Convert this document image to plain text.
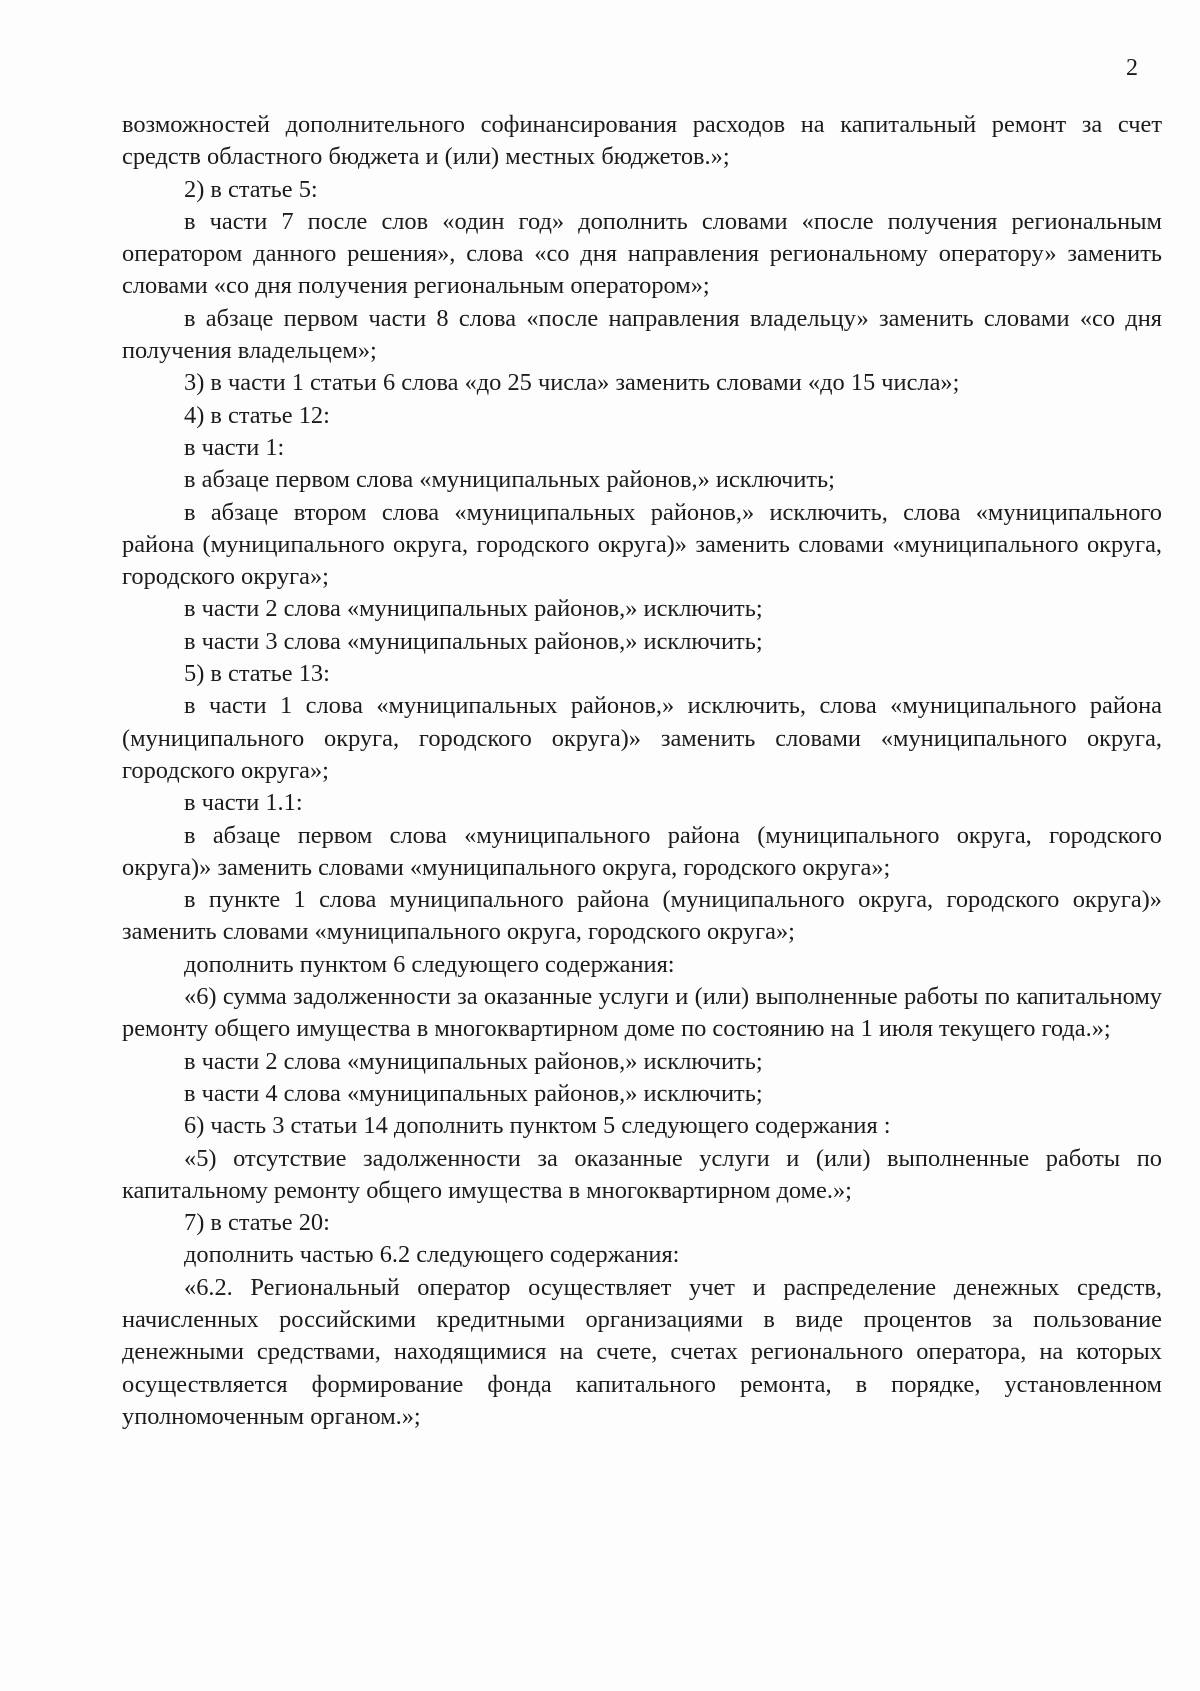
2

возможностей дополнительного софинансирования расходов на капитальный ремонт за счет средств областного бюджета и (или) местных бюджетов.»;

2) в статье 5:

в части 7 после слов «один год» дополнить словами «после получения региональным оператором данного решения», слова «со дня направления региональному оператору» заменить словами «со дня получения региональным оператором»;

в абзаце первом части 8 слова «после направления владельцу» заменить словами «со дня получения владельцем»;

3) в части 1 статьи 6 слова «до 25 числа» заменить словами «до 15 числа»;

4) в статье 12:

в части 1:

в абзаце первом слова «муниципальных районов,» исключить;

в абзаце втором слова «муниципальных районов,» исключить, слова «муниципального района (муниципального округа, городского округа)» заменить словами «муниципального округа, городского округа»;

в части 2 слова «муниципальных районов,» исключить;

в части 3 слова «муниципальных районов,» исключить;

5) в статье 13:

в части 1 слова «муниципальных районов,» исключить, слова «муниципального района (муниципального округа, городского округа)» заменить словами «муниципального округа, городского округа»;

в части 1.1:

в абзаце первом слова «муниципального района (муниципального округа, городского округа)» заменить словами «муниципального округа, городского округа»;

в пункте 1 слова муниципального района (муниципального округа, городского округа)» заменить словами «муниципального округа, городского округа»;

дополнить пунктом 6 следующего содержания:

«6) сумма задолженности за оказанные услуги и (или) выполненные работы по капитальному ремонту общего имущества в многоквартирном доме по состоянию на 1 июля текущего года.»;

в части 2 слова «муниципальных районов,» исключить;

в части 4 слова «муниципальных районов,» исключить;

6) часть 3 статьи 14 дополнить пунктом 5 следующего содержания :

«5) отсутствие задолженности за оказанные услуги и (или) выполненные работы по капитальному ремонту общего имущества в многоквартирном доме.»;

7) в статье 20:

дополнить частью 6.2 следующего содержания:

«6.2. Региональный оператор осуществляет учет и распределение денежных средств, начисленных российскими кредитными организациями в виде процентов за пользование денежными средствами, находящимися на счете, счетах регионального оператора, на которых осуществляется формирование фонда капитального ремонта, в порядке, установленном уполномоченным органом.»;
